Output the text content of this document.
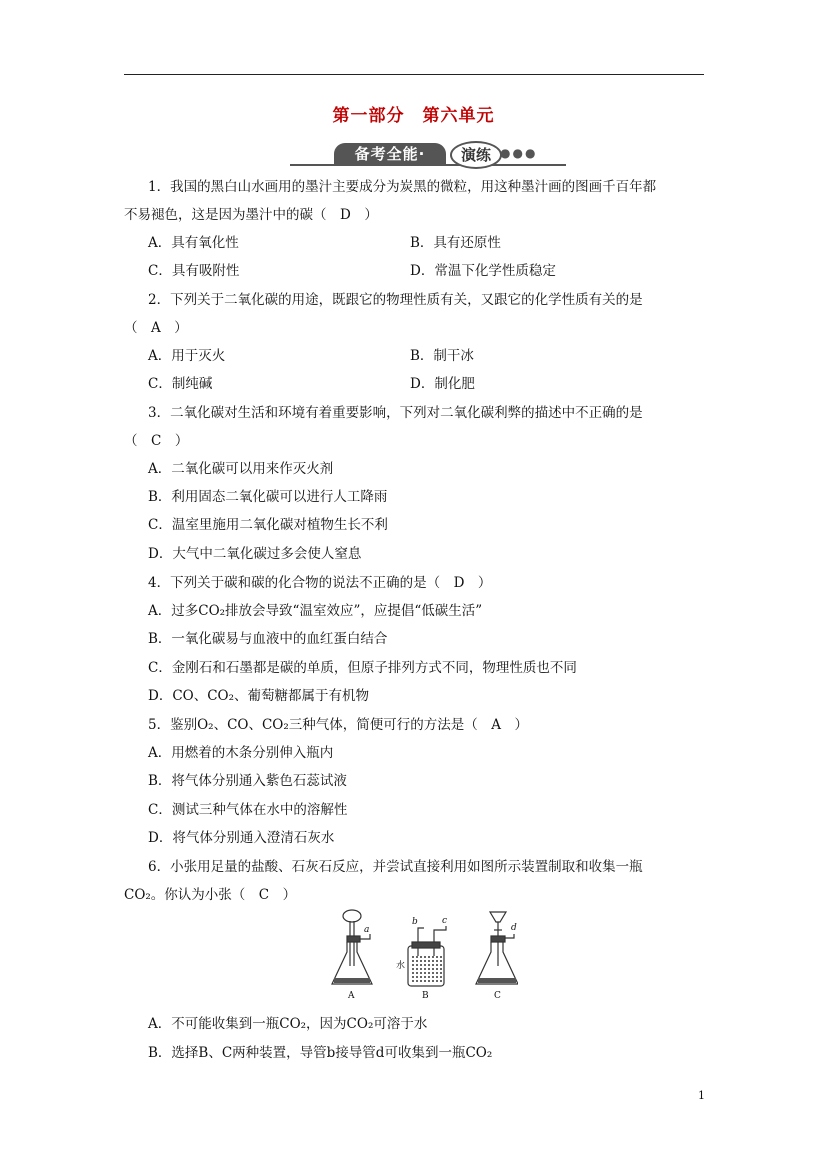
第一部分　第六单元
备考全能·	演练 ●●●
1．我国的黑白山水画用的墨汁主要成分为炭黑的微粒，用这种墨汁画的图画千百年都
不易褪色，这是因为墨汁中的碳（　D　）
A．具有氧化性	B．具有还原性
C．具有吸附性	D．常温下化学性质稳定
2．下列关于二氧化碳的用途，既跟它的物理性质有关，又跟它的化学性质有关的是
（　A　）
A．用于灭火	B．制干冰
C．制纯碱	D．制化肥
3．二氧化碳对生活和环境有着重要影响，下列对二氧化碳利弊的描述中不正确的是
（　C　）
A．二氧化碳可以用来作灭火剂
B．利用固态二氧化碳可以进行人工降雨
C．温室里施用二氧化碳对植物生长不利
D．大气中二氧化碳过多会使人窒息
4．下列关于碳和碳的化合物的说法不正确的是（　D　）
A．过多CO₂排放会导致“温室效应”，应提倡“低碳生活”
B．一氧化碳易与血液中的血红蛋白结合
C．金刚石和石墨都是碳的单质，但原子排列方式不同，物理性质也不同
D．CO、CO₂、葡萄糖都属于有机物
5．鉴别O₂、CO、CO₂三种气体，简便可行的方法是（　A　）
A．用燃着的木条分别伸入瓶内
B．将气体分别通入紫色石蕊试液
C．测试三种气体在水中的溶解性
D．将气体分别通入澄清石灰水
6．小张用足量的盐酸、石灰石反应，并尝试直接利用如图所示装置制取和收集一瓶
CO₂。你认为小张（　C　）
A	B	C
a
b	c
d
水
A．不可能收集到一瓶CO₂，因为CO₂可溶于水
B．选择B、C两种装置，导管b接导管d可收集到一瓶CO₂
1
